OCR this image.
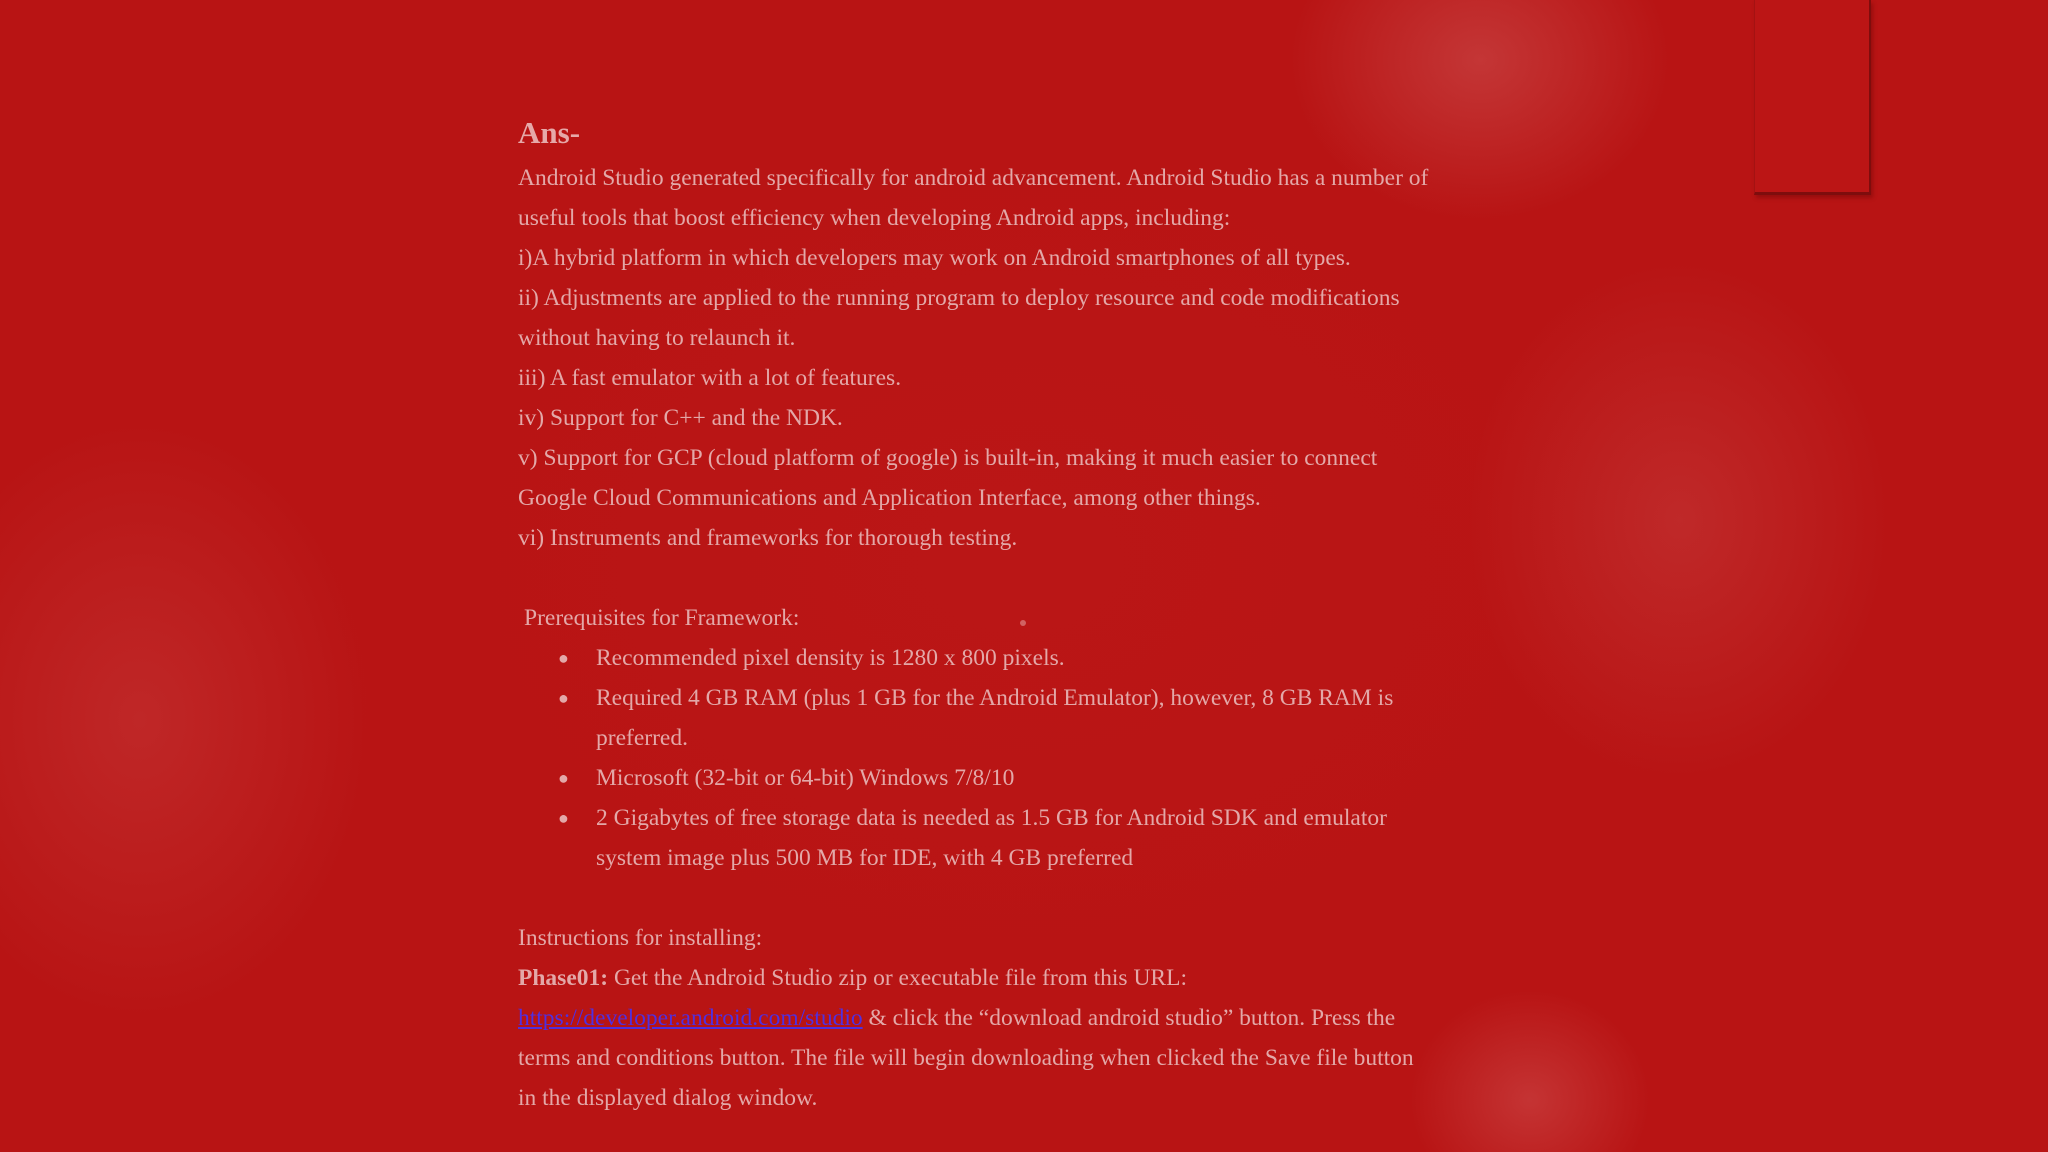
Ans-

Android Studio generated specifically for android advancement. Android Studio has a number of

useful tools that boost efficiency when developing Android apps, including:

i)A hybrid platform in which developers may work on Android smartphones of all types.

ii) Adjustments are applied to the running program to deploy resource and code modifications

without having to relaunch it.

iii) A fast emulator with a lot of features.

iv) Support for C++ and the NDK.

v) Support for GCP (cloud platform of google) is built-in, making it much easier to connect

Google Cloud Communications and Application Interface, among other things.

vi) Instruments and frameworks for thorough testing.

Prerequisites for Framework:

● Recommended pixel density is 1280 x 800 pixels.

● Required 4 GB RAM (plus 1 GB for the Android Emulator), however, 8 GB RAM is

preferred.

● Microsoft (32-bit or 64-bit) Windows 7/8/10

● 2 Gigabytes of free storage data is needed as 1.5 GB for Android SDK and emulator

system image plus 500 MB for IDE, with 4 GB preferred

Instructions for installing:

Phase01: Get the Android Studio zip or executable file from this URL:

https://developer.android.com/studio & click the “download android studio” button. Press the

terms and conditions button. The file will begin downloading when clicked the Save file button

in the displayed dialog window.
